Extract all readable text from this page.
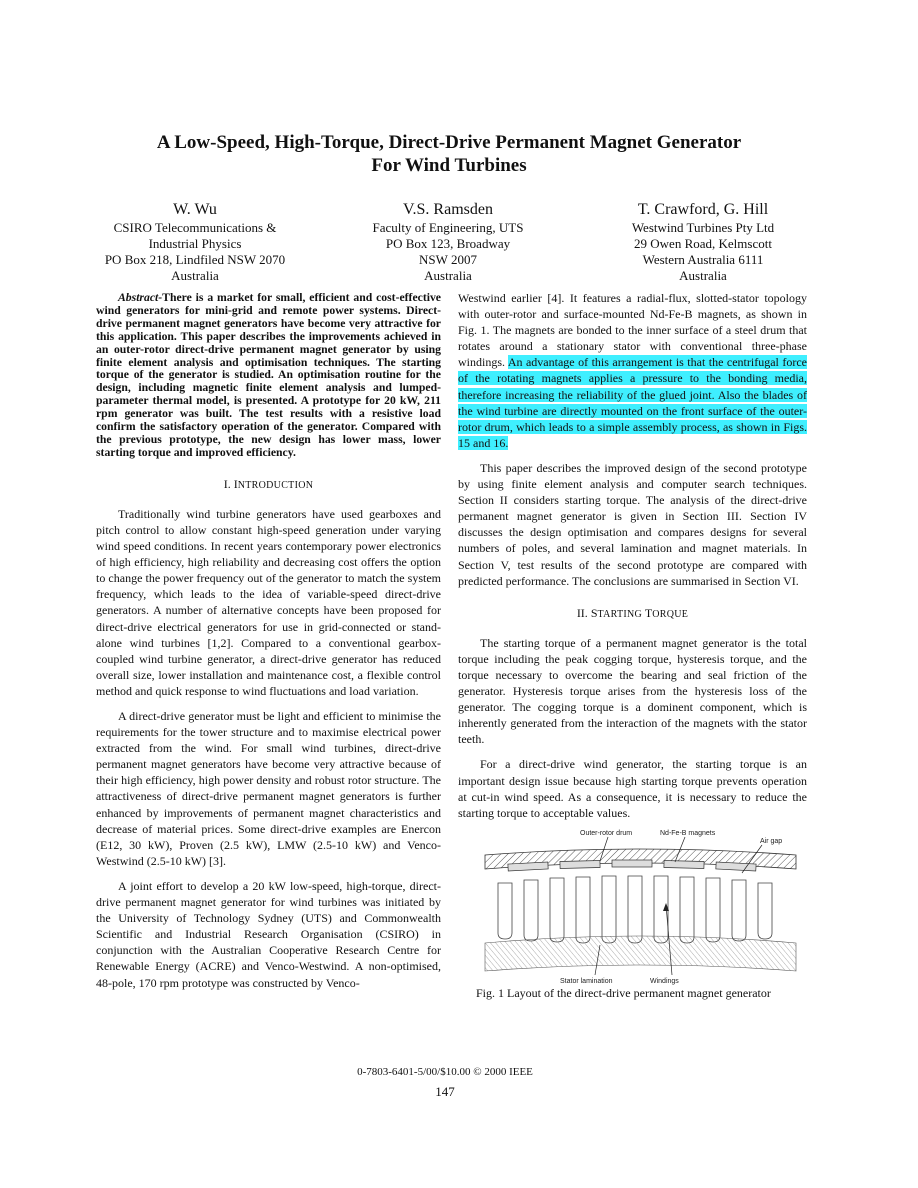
A Low-Speed, High-Torque, Direct-Drive Permanent Magnet Generator
For Wind Turbines
W. Wu
CSIRO Telecommunications &
Industrial Physics
PO Box 218, Lindfiled NSW 2070
Australia
V.S. Ramsden
Faculty of Engineering, UTS
PO Box 123, Broadway
NSW 2007
Australia
T. Crawford, G. Hill
Westwind Turbines Pty Ltd
29 Owen Road, Kelmscott
Western Australia 6111
Australia

Abstract-There is a market for small, efficient and cost-effective wind generators for mini-grid and remote power systems. Direct-drive permanent magnet generators have become very attractive for this application. This paper describes the improvements achieved in an outer-rotor direct-drive permanent magnet generator by using finite element analysis and optimisation techniques. The starting torque of the generator is studied. An optimisation routine for the design, including magnetic finite element analysis and lumped-parameter thermal model, is presented. A prototype for 20 kW, 211 rpm generator was built. The test results with a resistive load confirm the satisfactory operation of the generator. Compared with the previous prototype, the new design has lower mass, lower starting torque and improved efficiency.

I. INTRODUCTION

Traditionally wind turbine generators have used gearboxes and pitch control to allow constant high-speed generation under varying wind speed conditions. In recent years contemporary power electronics of high efficiency, high reliability and decreasing cost offers the option to change the power frequency out of the generator to match the system frequency, which leads to the idea of variable-speed direct-drive generators. A number of alternative concepts have been proposed for direct-drive electrical generators for use in grid-connected or stand-alone wind turbines [1,2]. Compared to a conventional gearbox-coupled wind turbine generator, a direct-drive generator has reduced overall size, lower installation and maintenance cost, a flexible control method and quick response to wind fluctuations and load variation.

A direct-drive generator must be light and efficient to minimise the requirements for the tower structure and to maximise electrical power extracted from the wind. For small wind turbines, direct-drive permanent magnet generators have become very attractive because of their high efficiency, high power density and robust rotor structure. The attractiveness of direct-drive permanent magnet generators is further enhanced by improvements of permanent magnet characteristics and decrease of material prices. Some direct-drive examples are Enercon (E12, 30 kW), Proven (2.5 kW), LMW (2.5-10 kW) and Venco-Westwind (2.5-10 kW) [3].

A joint effort to develop a 20 kW low-speed, high-torque, direct-drive permanent magnet generator for wind turbines was initiated by the University of Technology Sydney (UTS) and Commonwealth Scientific and Industrial Research Organisation (CSIRO) in conjunction with the Australian Cooperative Research Centre for Renewable Energy (ACRE) and Venco-Westwind. A non-optimised, 48-pole, 170 rpm prototype was constructed by Venco-

Westwind earlier [4]. It features a radial-flux, slotted-stator topology with outer-rotor and surface-mounted Nd-Fe-B magnets, as shown in Fig. 1. The magnets are bonded to the inner surface of a steel drum that rotates around a stationary stator with conventional three-phase windings. An advantage of this arrangement is that the centrifugal force of the rotating magnets applies a pressure to the bonding media, therefore increasing the reliability of the glued joint. Also the blades of the wind turbine are directly mounted on the front surface of the outer-rotor drum, which leads to a simple assembly process, as shown in Figs. 15 and 16.

This paper describes the improved design of the second prototype by using finite element analysis and computer search techniques. Section II considers starting torque. The analysis of the direct-drive permanent magnet generator is given in Section III. Section IV discusses the design optimisation and compares designs for several numbers of poles, and several lamination and magnet materials. In Section V, test results of the second prototype are compared with predicted performance. The conclusions are summarised in Section VI.

II. STARTING TORQUE

The starting torque of a permanent magnet generator is the total torque including the peak cogging torque, hysteresis torque, and the torque necessary to overcome the bearing and seal friction of the generator. Hysteresis torque arises from the hysteresis loss of the generator. The cogging torque is a dominent component, which is inherently generated from the interaction of the magnets with the stator teeth.

For a direct-drive wind generator, the starting torque is an important design issue because high starting torque prevents operation at cut-in wind speed. As a consequence, it is necessary to reduce the starting torque to acceptable values.

Outer-rotor drum	Nd-Fe-B magnets
Air gap
Stator lamination	Windings

Fig. 1 Layout of the direct-drive permanent magnet generator

0-7803-6401-5/00/$10.00 © 2000 IEEE
147
